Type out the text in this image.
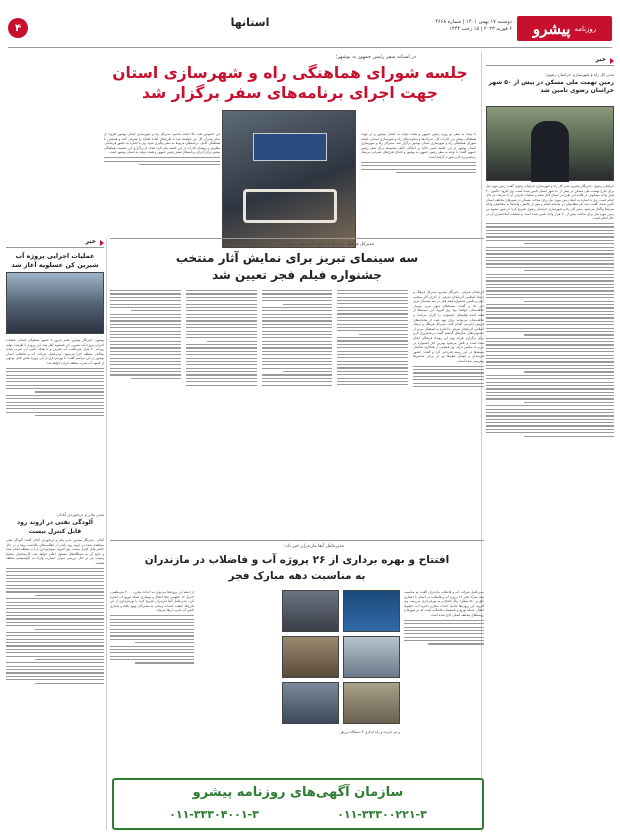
روزنامه
پیشرو
دوشنبه ۱۷ بهمن ۱۴۰۱ | شماره ۴۶۶۸
۶ فوریه ۲۰۲۳ | ۱۵ رجب ۱۴۴۴
استانها
۴
در استانه سفر رئیس جمهور به بوشهر؛
جلسه شورای هماهنگی راه و شهرسازی استان
جهت اجرای برنامه‌های سفر برگزار شد
با توجه به سفر دو روزه رئیس جمهور و هیئت دولت به استان بوشهر و در جهت هماهنگی بیشتر بین ادارات کل، شرکت‌ها و معاونت‌های راه و شهرسازی استان، جلسه شورای هماهنگی راه و شهرسازی استان بوشهر برگزار شد. مدیرکل راه و شهرسازی استان بوشهر در این جلسه ضمن تاکید بر آمادگی کامل مجموعه برای سفر رئیس جمهور گفت: با توجه به سفر رئیس جمهور به بوشهر و افتتاح طرح‌های عمرانی مرتبط، برنامه‌ریزی لازم صورت گرفته است.
این خصوص دقت بالا داشته باشیم. مدیرکل راه و شهرسازی استان بوشهر افزود: از تمام مدیران کل نیز خواسته شد تا طرح‌های آماده افتتاح را معرفی کنند و همچنین با هماهنگی کامل، برنامه‌های مربوط به سفر پیگیری شود. وی با اشاره به حضور فرماندار، معاونین و رؤسای ادارات در این جلسه بیان کرد: هدف از برگزاری این نشست هماهنگی بیشتر برای اجرای برنامه‌های سفر رئیس جمهور و هیئت دولت به استان بوشهر است.
خبر
مدیر کل راه و شهرسازی خراسان رضوی:
زمین تهمت ملی مسکن در بیش از ۵۰ شهر خراسان رضوی تامین شد
خراسان رضوی ‒خبرنگار پیشرو: مدیر کل راه و شهرسازی خراسان رضوی گفت: زمین مورد نیاز برای طرح نهضت ملی مسکن در بیش از ۵۰ شهر استان تامین شده است. وی افزود: تاکنون ۴۰ هزار واحد مسکونی در قالب این طرح در استان آغاز شده و عملیات اجرایی آن با سرعت در حال انجام است. وی با اشاره به اینکه زمین مورد نیاز برای ساخت مسکن در شهرهای مختلف استان تامین شده، گفت: ثبت نام متقاضیان در سامانه انجام و پس از پالایش، واحدها به متقاضیان واجد شرایط واگذار می‌شود. مدیر کل راه و شهرسازی خراسان رضوی تصریح کرد: در شهر مشهد نیز زمین مورد نیاز برای ساخت بیش از ۲۰ هزار واحد تامین شده است و عملیات آماده‌سازی آن در حال انجام است.
خبر
عملیات اجرایی پروژه آب
شیرین کن عسلویه آغاز شد
بوشهر ‒خبرنگار پیشرو: عصر امروز با حضور مسئولان استانی عملیات اجرایی پروژه آب شیرین کن عسلویه آغاز شد. این پروژه با ظرفیت تولید روزانه ۲۰ هزار مترمکعب آب شیرین و با هدف تامین آب شرب پایدار ساکنان منطقه اجرا می‌شود. مدیرعامل شرکت آب و فاضلاب استان بوشهر در این مراسم گفت: با بهره‌برداری از این پروژه بخش قابل توجهی از کمبود آب شرب منطقه جبران خواهد شد.
مدیر بنادر و دریانوردی آبادان:
آلودگی نفتی در اروند رود
قابل کنترل نیست
آبادان ‒خبرنگار پیشرو: مدیر بنادر و دریانوردی آبادان گفت: آلودگی نفتی مشاهده شده در اروند رود ناشی از فعالیت‌های بالادست بوده و در حال حاضر قابل کنترل نیست. وی افزود: نمونه‌برداری از آب منطقه انجام شده و نتایج آن به دستگاه‌های مسئول اعلام خواهد شد. کارشناسان محیط زیست نیز در حال بررسی میزان خسارت وارده به اکوسیستم منطقه هستند.
مدیرکل فرهنگ و ارشاد اسلامی آذربایجان شرقی:
سه سینمای تبریز برای نمایش آثار منتخب
جشنواره فیلم فجر تعیین شد
آذربایجان شرقی ‒خبرنگار پیشرو: مدیرکل فرهنگ و ارشاد اسلامی آذربایجان شرقی از اکران آثار منتخب چهل و یکمین جشنواره فیلم فجر در سه سینمای تبریز خبر داد و گفت: سینماهای شهر تبریز میزبان علاقه‌مندان خواهند بود. وی افزود: این سینماها از هفته آینده فیلم‌های جشنواره را اکران می‌کنند و علاقه‌مندان می‌توانند برای تهیه بلیت از سامانه‌های فروش اینترنتی اقدام کنند. مدیرکل فرهنگ و ارشاد اسلامی آذربایجان شرقی با اشاره به استقبال مردم از جشنواره‌های سال‌های گذشته گفت: برنامه‌ریزی لازم برای برگزاری هرچه بهتر این رویداد فرهنگی انجام شده است و تلاش می‌شود بهترین آثار جشنواره در تبریز به نمایش درآید. وی همچنین از همکاری صاحبان سینماها در این زمینه قدردانی کرد و گفت: حضور هنرمندان و عوامل فیلم‌ها نیز در برخی سانس‌ها پیش‌بینی شده است.
مدیرعامل آبفا مازندران خبر داد:
افتتاح و بهره برداری از ۲۶ پروژه آب و فاضلاب در مازندران
به مناسبت دهه مبارک فجر
مدیرعامل شرکت آب و فاضلاب مازندران گفت: به مناسبت دهه مبارک فجر ۲۶ پروژه آب و فاضلاب در استان با اعتباری بالغ بر ۸۶۰ میلیارد ریال افتتاح و به بهره‌برداری می‌رسد. وی افزود: این پروژه‌ها شامل احداث مخازن ذخیره آب، خطوط انتقال، شبکه توزیع و تاسیسات فاضلاب است که در شهرها و روستاهای مختلف استان اجرا شده است.
و تیر خریده و راه اندازی ۴ دستگاه تزریق
از جمله این پروژه‌ها می‌توان به احداث مخزن ۲۰۰۰ مترمکعبی، اجرای ۱۲ کیلومتر خط انتقال و بهسازی شبکه توزیع آب اشاره کرد. مدیرعامل آبفا مازندران تصریح کرد: با بهره‌برداری از این طرح‌ها، کیفیت خدمات رسانی به مشترکان بهبود یافته و پایداری تامین آب شرب ارتقا می‌یابد.
سازمان آگهی‌های روزنامه پیشرو
۰۱۱-۳۳۳۰۰۲۲۱-۳
۰۱۱-۳۳۳۰۴۰۰۱-۳
